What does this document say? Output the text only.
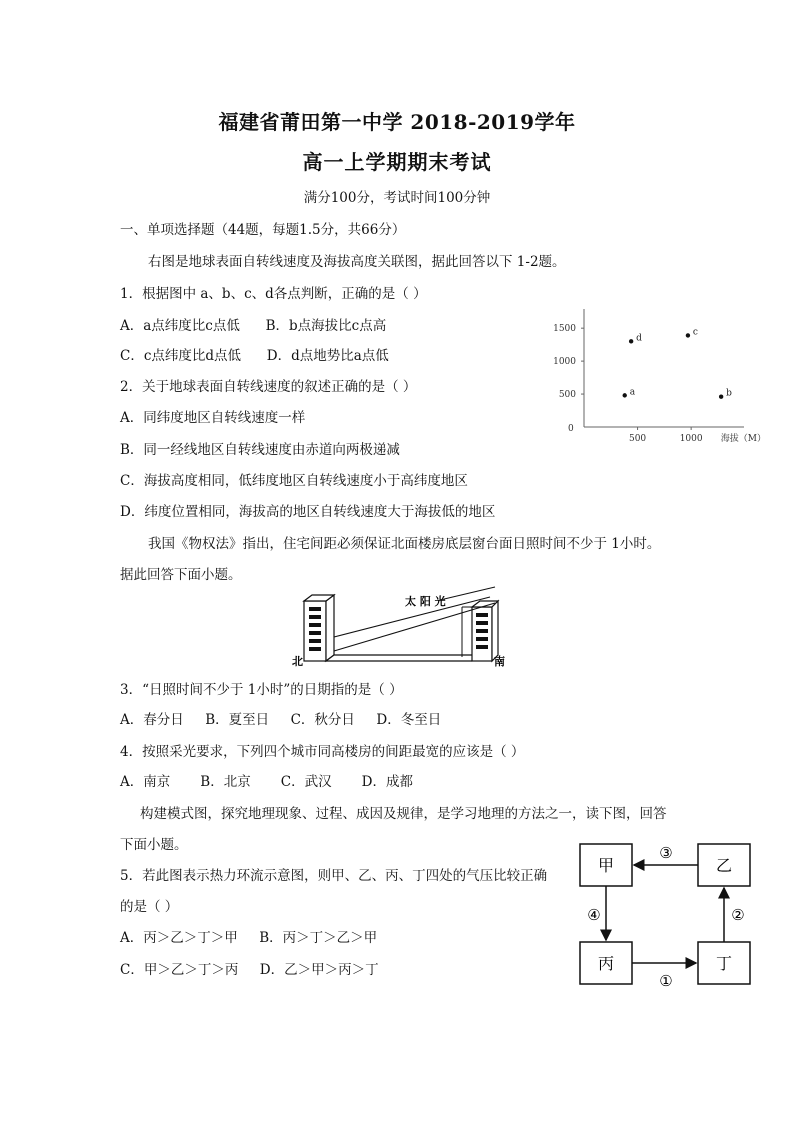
福建省莆田第一中学 2018-2019学年
高一上学期期末考试
满分100分，考试时间100分钟
一、单项选择题（44题，每题1.5分，共66分）
右图是地球表面自转线速度及海拔高度关联图，据此回答以下 1-2题。
1．根据图中 a、b、c、d各点判断，正确的是（ ）
A．a点纬度比c点低      B．b点海拔比c点高
C．c点纬度比d点低      D．d点地势比a点低
2．关于地球表面自转线速度的叙述正确的是（ ）
A．同纬度地区自转线速度一样
B．同一经线地区自转线速度由赤道向两极递减
C．海拔高度相同，低纬度地区自转线速度小于高纬度地区
D．纬度位置相同，海拔高的地区自转线速度大于海拔低的地区
0
1500
1000
500
500	1000 海拔（M）
a	b
c
d
我国《物权法》指出，住宅间距必须保证北面楼房底层窗台面日照时间不少于 1小时。
据此回答下面小题。
太 阳 光
北	南
3．“日照时间不少于 1小时”的日期指的是（ ）
A．春分日     B．夏至日     C．秋分日     D．冬至日
4．按照采光要求，下列四个城市同高楼房的间距最宽的应该是（ ）
A．南京       B．北京       C．武汉       D．成都
构建模式图，探究地理现象、过程、成因及规律，是学习地理的方法之一，读下图，回答
下面小题。
5．若此图表示热力环流示意图，则甲、乙、丙、丁四处的气压比较正确
的是（ ）
A．丙＞乙＞丁＞甲     B．丙＞丁＞乙＞甲
C．甲＞乙＞丁＞丙     D．乙＞甲＞丙＞丁
甲	乙
丙	丁
③
④
①
②
